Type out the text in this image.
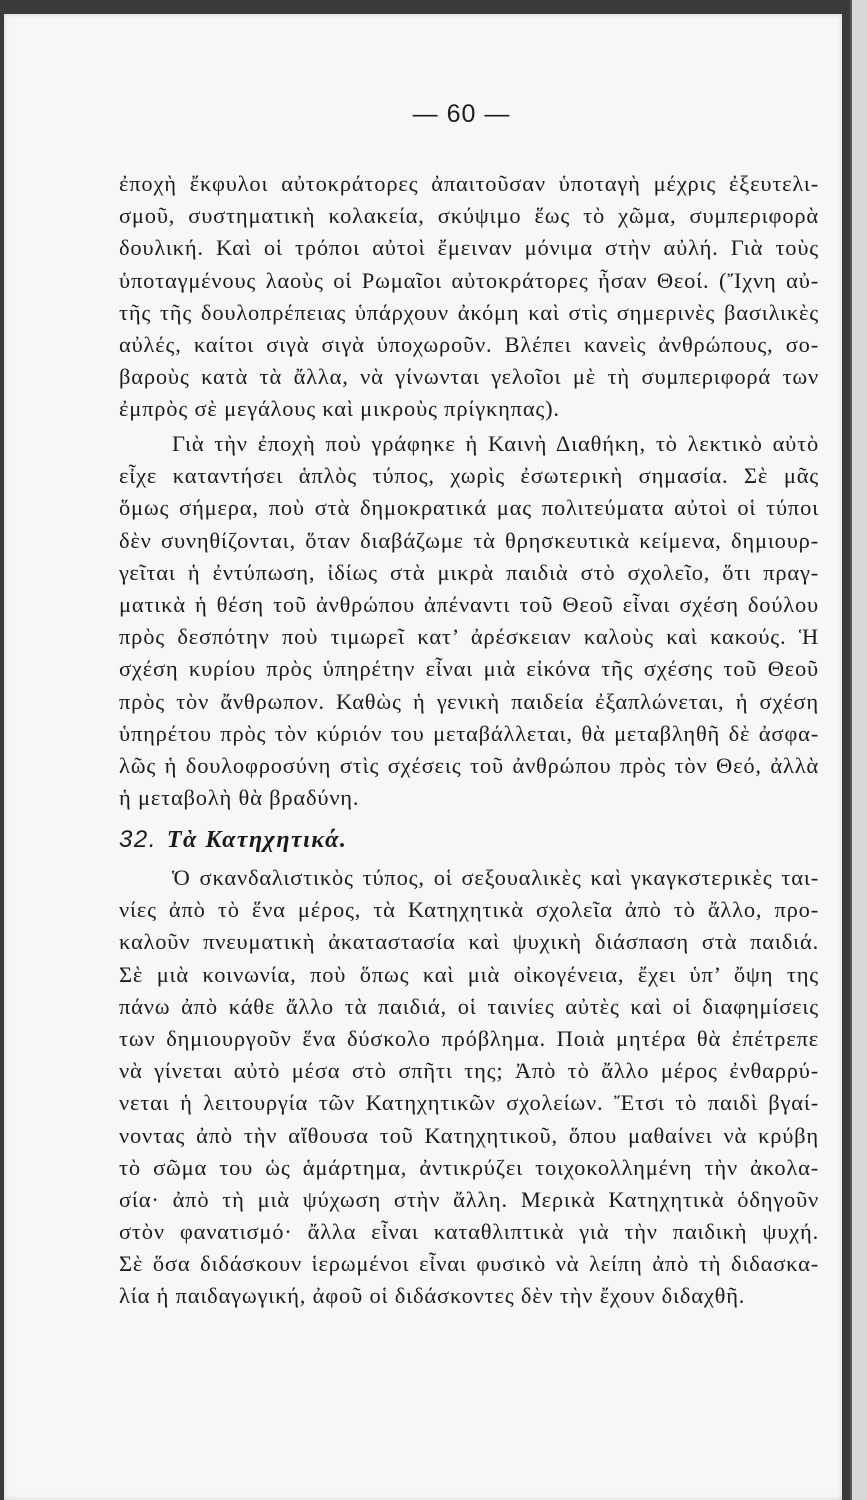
— 60 —
ἐποχὴ ἔκφυλοι αὐτοκράτορες ἀπαιτοῦσαν ὑποταγὴ μέχρις ἐξευτελι-
σμοῦ, συστηματικὴ κολακεία, σκύψιμο ἕως τὸ χῶμα, συμπεριφορὰ
δουλική. Καὶ οἱ τρόποι αὐτοὶ ἔμειναν μόνιμα στὴν αὐλή. Γιὰ τοὺς
ὑποταγμένους λαοὺς οἱ Ρωμαῖοι αὐτοκράτορες ἦσαν Θεοί. (Ἴχνη αὐ-
τῆς τῆς δουλοπρέπειας ὑπάρχουν ἀκόμη καὶ στὶς σημερινὲς βασιλικὲς
αὐλές, καίτοι σιγὰ σιγὰ ὑποχωροῦν. Βλέπει κανεὶς ἀνθρώπους, σο-
βαροὺς κατὰ τὰ ἄλλα, νὰ γίνωνται γελοῖοι μὲ τὴ συμπεριφορά των
ἐμπρὸς σὲ μεγάλους καὶ μικροὺς πρίγκηπας).
Γιὰ τὴν ἐποχὴ ποὺ γράφηκε ἡ Καινὴ Διαθήκη, τὸ λεκτικὸ αὐτὸ
εἶχε καταντήσει ἁπλὸς τύπος, χωρὶς ἐσωτερικὴ σημασία. Σὲ μᾶς
ὅμως σήμερα, ποὺ στὰ δημοκρατικά μας πολιτεύματα αὐτοὶ οἱ τύποι
δὲν συνηθίζονται, ὅταν διαβάζωμε τὰ θρησκευτικὰ κείμενα, δημιουρ-
γεῖται ἡ ἐντύπωση, ἰδίως στὰ μικρὰ παιδιὰ στὸ σχολεῖο, ὅτι πραγ-
ματικὰ ἡ θέση τοῦ ἀνθρώπου ἀπέναντι τοῦ Θεοῦ εἶναι σχέση δούλου
πρὸς δεσπότην ποὺ τιμωρεῖ κατ’ ἀρέσκειαν καλοὺς καὶ κακούς. Ἡ
σχέση κυρίου πρὸς ὑπηρέτην εἶναι μιὰ εἰκόνα τῆς σχέσης τοῦ Θεοῦ
πρὸς τὸν ἄνθρωπον. Καθὼς ἡ γενικὴ παιδεία ἐξαπλώνεται, ἡ σχέση
ὑπηρέτου πρὸς τὸν κύριόν του μεταβάλλεται, θὰ μεταβληθῆ δὲ ἀσφα-
λῶς ἡ δουλοφροσύνη στὶς σχέσεις τοῦ ἀνθρώπου πρὸς τὸν Θεό, ἀλλὰ
ἡ μεταβολὴ θὰ βραδύνη.
32. Τὰ Κατηχητικά.
Ὁ σκανδαλιστικὸς τύπος, οἱ σεξουαλικὲς καὶ γκαγκστερικὲς ται-
νίες ἀπὸ τὸ ἕνα μέρος, τὰ Κατηχητικὰ σχολεῖα ἀπὸ τὸ ἄλλο, προ-
καλοῦν πνευματικὴ ἀκαταστασία καὶ ψυχικὴ διάσπαση στὰ παιδιά.
Σὲ μιὰ κοινωνία, ποὺ ὅπως καὶ μιὰ οἰκογένεια, ἔχει ὑπ’ ὄψη της
πάνω ἀπὸ κάθε ἄλλο τὰ παιδιά, οἱ ταινίες αὐτὲς καὶ οἱ διαφημίσεις
των δημιουργοῦν ἕνα δύσκολο πρόβλημα. Ποιὰ μητέρα θὰ ἐπέτρεπε
νὰ γίνεται αὐτὸ μέσα στὸ σπῆτι της; Ἀπὸ τὸ ἄλλο μέρος ἐνθαρρύ-
νεται ἡ λειτουργία τῶν Κατηχητικῶν σχολείων. Ἔτσι τὸ παιδὶ βγαί-
νοντας ἀπὸ τὴν αἴθουσα τοῦ Κατηχητικοῦ, ὅπου μαθαίνει νὰ κρύβη
τὸ σῶμα του ὡς ἁμάρτημα, ἀντικρύζει τοιχοκολλημένη τὴν ἀκολα-
σία· ἀπὸ τὴ μιὰ ψύχωση στὴν ἄλλη. Μερικὰ Κατηχητικὰ ὁδηγοῦν
στὸν φανατισμό· ἄλλα εἶναι καταθλιπτικὰ γιὰ τὴν παιδικὴ ψυχή.
Σὲ ὅσα διδάσκουν ἱερωμένοι εἶναι φυσικὸ νὰ λείπη ἀπὸ τὴ διδασκα-
λία ἡ παιδαγωγική, ἀφοῦ οἱ διδάσκοντες δὲν τὴν ἔχουν διδαχθῆ.
